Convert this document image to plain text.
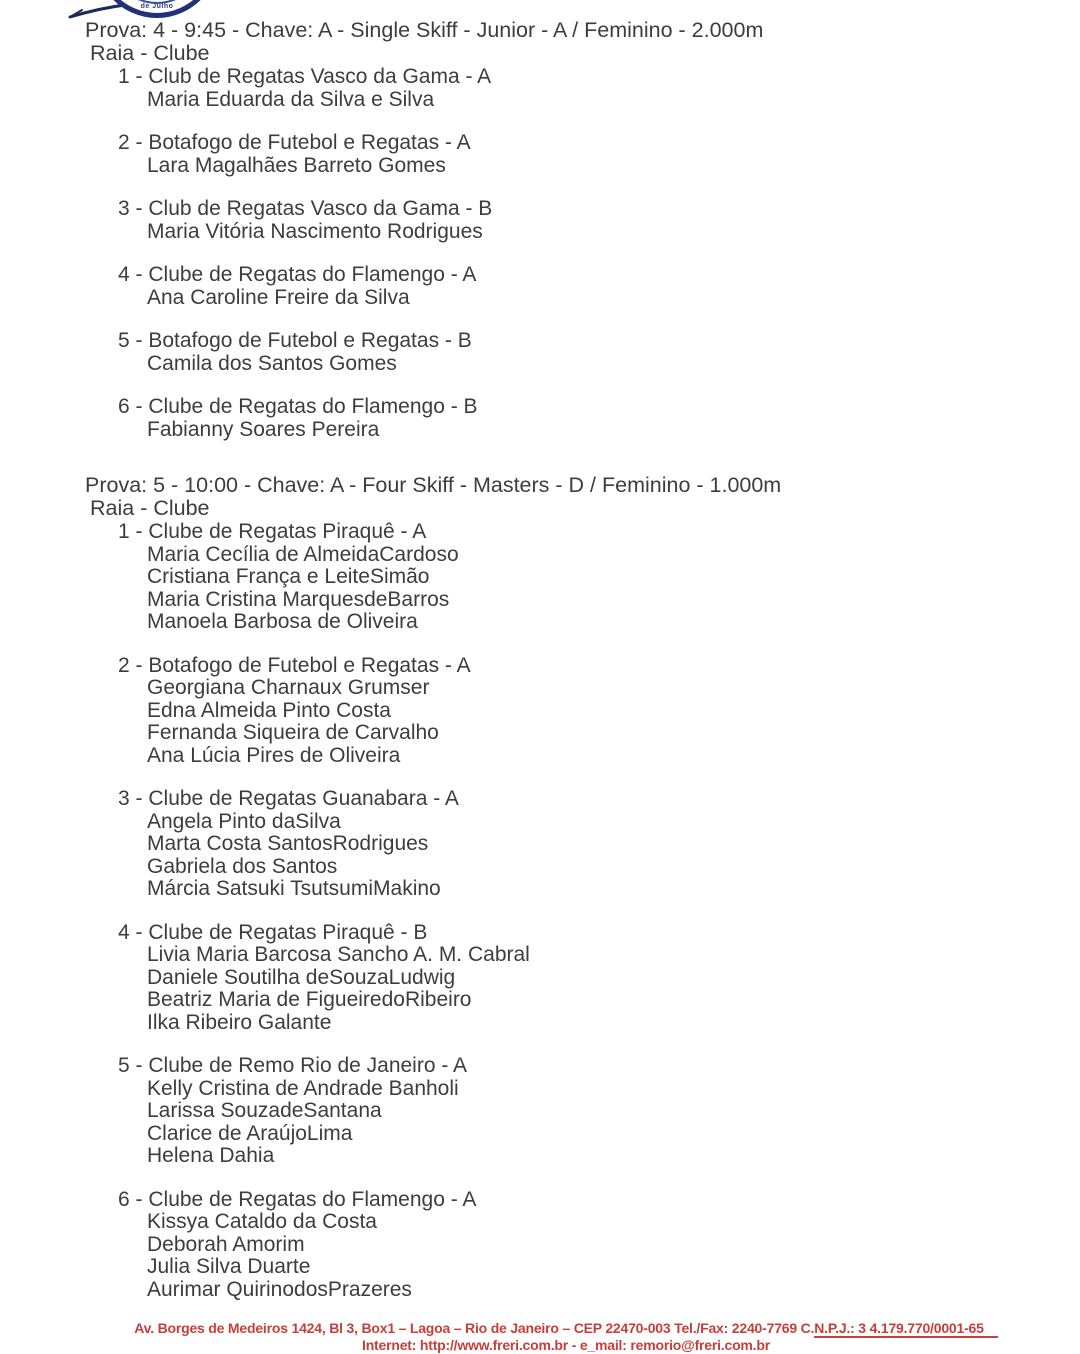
de Julho
Prova: 4 - 9:45 - Chave: A - Single Skiff - Junior - A / Feminino - 2.000m
Raia - Clube
1 - Club de Regatas Vasco da Gama - A
Maria Eduarda da Silva e Silva
2 - Botafogo de Futebol e Regatas - A
Lara Magalhães Barreto Gomes
3 - Club de Regatas Vasco da Gama - B
Maria Vitória Nascimento Rodrigues
4 - Clube de Regatas do Flamengo - A
Ana Caroline Freire da Silva
5 - Botafogo de Futebol e Regatas - B
Camila dos Santos Gomes
6 - Clube de Regatas do Flamengo - B
Fabianny Soares Pereira
Prova: 5 - 10:00 - Chave: A - Four Skiff - Masters - D / Feminino - 1.000m
Raia - Clube
1 - Clube de Regatas Piraquê - A
Maria Cecília de AlmeidaCardoso
Cristiana França e LeiteSimão
Maria Cristina MarquesdeBarros
Manoela Barbosa de Oliveira
2 - Botafogo de Futebol e Regatas - A
Georgiana Charnaux Grumser
Edna Almeida Pinto Costa
Fernanda Siqueira de Carvalho
Ana Lúcia Pires de Oliveira
3 - Clube de Regatas Guanabara - A
Angela Pinto daSilva
Marta Costa SantosRodrigues
Gabriela dos Santos
Márcia Satsuki TsutsumiMakino
4 - Clube de Regatas Piraquê - B
Livia Maria Barcosa Sancho A. M. Cabral
Daniele Soutilha deSouzaLudwig
Beatriz Maria de FigueiredoRibeiro
Ilka Ribeiro Galante
5 - Clube de Remo Rio de Janeiro - A
Kelly Cristina de Andrade Banholi
Larissa SouzadeSantana
Clarice de AraújoLima
Helena Dahia
6 - Clube de Regatas do Flamengo - A
Kissya Cataldo da Costa
Deborah Amorim
Julia Silva Duarte
Aurimar QuirinodosPrazeres
Av. Borges de Medeiros 1424, Bl 3, Box1 – Lagoa – Rio de Janeiro – CEP 22470-003 Tel./Fax: 2240-7769 C.N.P.J.: 3 4.179.770/0001-65
Internet: http://www.freri.com.br - e_mail: remorio@freri.com.br
